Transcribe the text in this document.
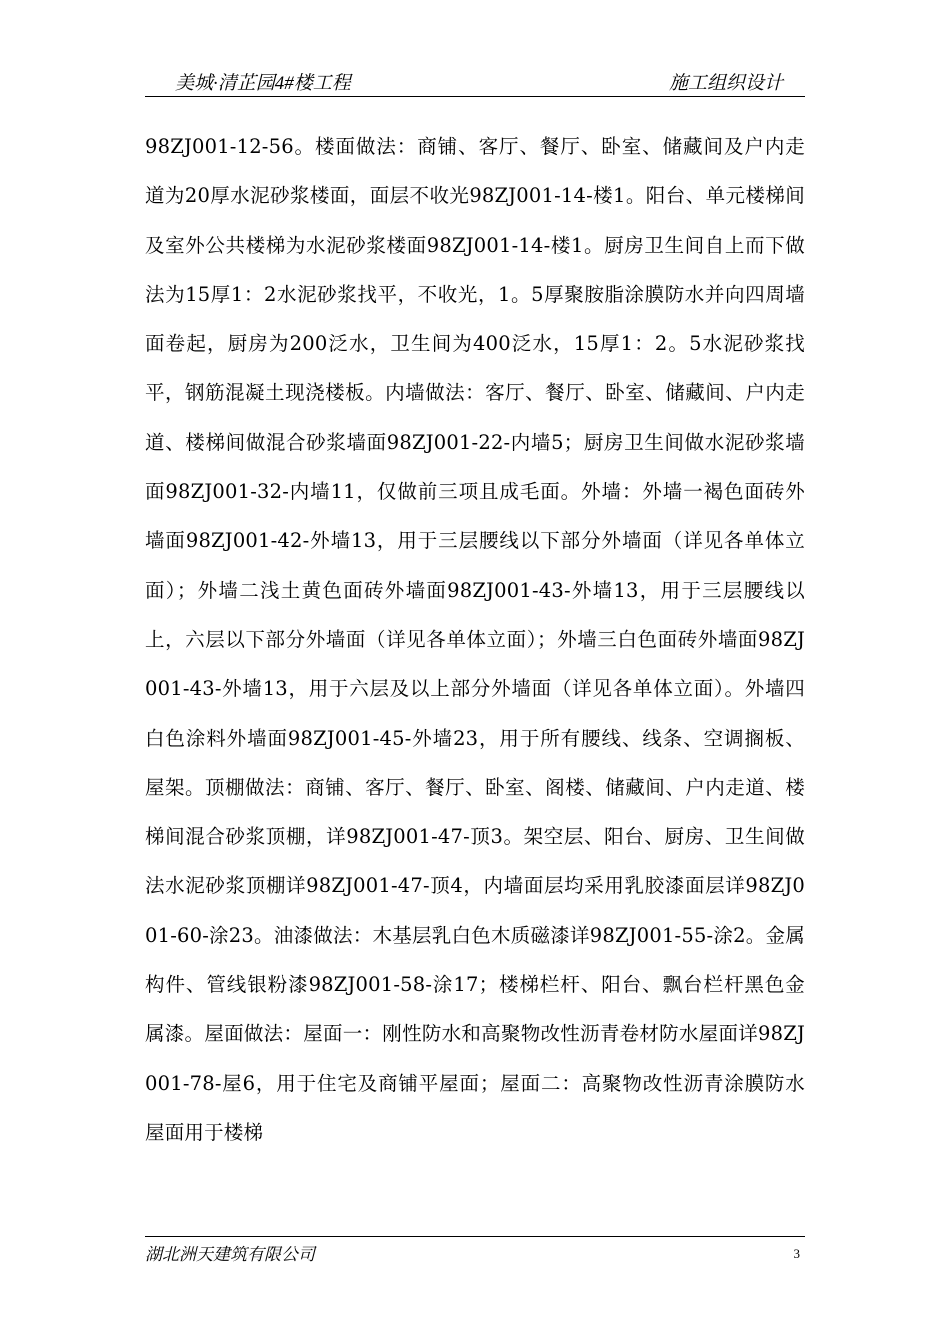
美城·清芷园4#楼工程	施工组织设计
98ZJ001-12-56。楼面做法：商铺、客厅、餐厅、卧室、储藏间及户内走道为20厚水泥砂浆楼面，面层不收光98ZJ001-14-楼1。阳台、单元楼梯间及室外公共楼梯为水泥砂浆楼面98ZJ001-14-楼1。厨房卫生间自上而下做法为15厚1：2水泥砂浆找平，不收光，1。5厚聚胺脂涂膜防水并向四周墙面卷起，厨房为200泛水，卫生间为400泛水，15厚1：2。5水泥砂浆找平，钢筋混凝土现浇楼板。内墙做法：客厅、餐厅、卧室、储藏间、户内走道、楼梯间做混合砂浆墙面98ZJ001-22-内墙5；厨房卫生间做水泥砂浆墙面98ZJ001-32-内墙11，仅做前三项且成毛面。外墙：外墙一褐色面砖外墙面98ZJ001-42-外墙13，用于三层腰线以下部分外墙面（详见各单体立面）；外墙二浅土黄色面砖外墙面98ZJ001-43-外墙13，用于三层腰线以上，六层以下部分外墙面（详见各单体立面）；外墙三白色面砖外墙面98ZJ001-43-外墙13，用于六层及以上部分外墙面（详见各单体立面）。外墙四白色涂料外墙面98ZJ001-45-外墙23，用于所有腰线、线条、空调搁板、屋架。顶棚做法：商铺、客厅、餐厅、卧室、阁楼、储藏间、户内走道、楼梯间混合砂浆顶棚，详98ZJ001-47-顶3。架空层、阳台、厨房、卫生间做法水泥砂浆顶棚详98ZJ001-47-顶4，内墙面层均采用乳胶漆面层详98ZJ001-60-涂23。油漆做法：木基层乳白色木质磁漆详98ZJ001-55-涂2。金属构件、管线银粉漆98ZJ001-58-涂17；楼梯栏杆、阳台、飘台栏杆黑色金属漆。屋面做法：屋面一：刚性防水和高聚物改性沥青卷材防水屋面详98ZJ001-78-屋6，用于住宅及商铺平屋面；屋面二：高聚物改性沥青涂膜防水屋面用于楼梯
湖北洲天建筑有限公司	3
